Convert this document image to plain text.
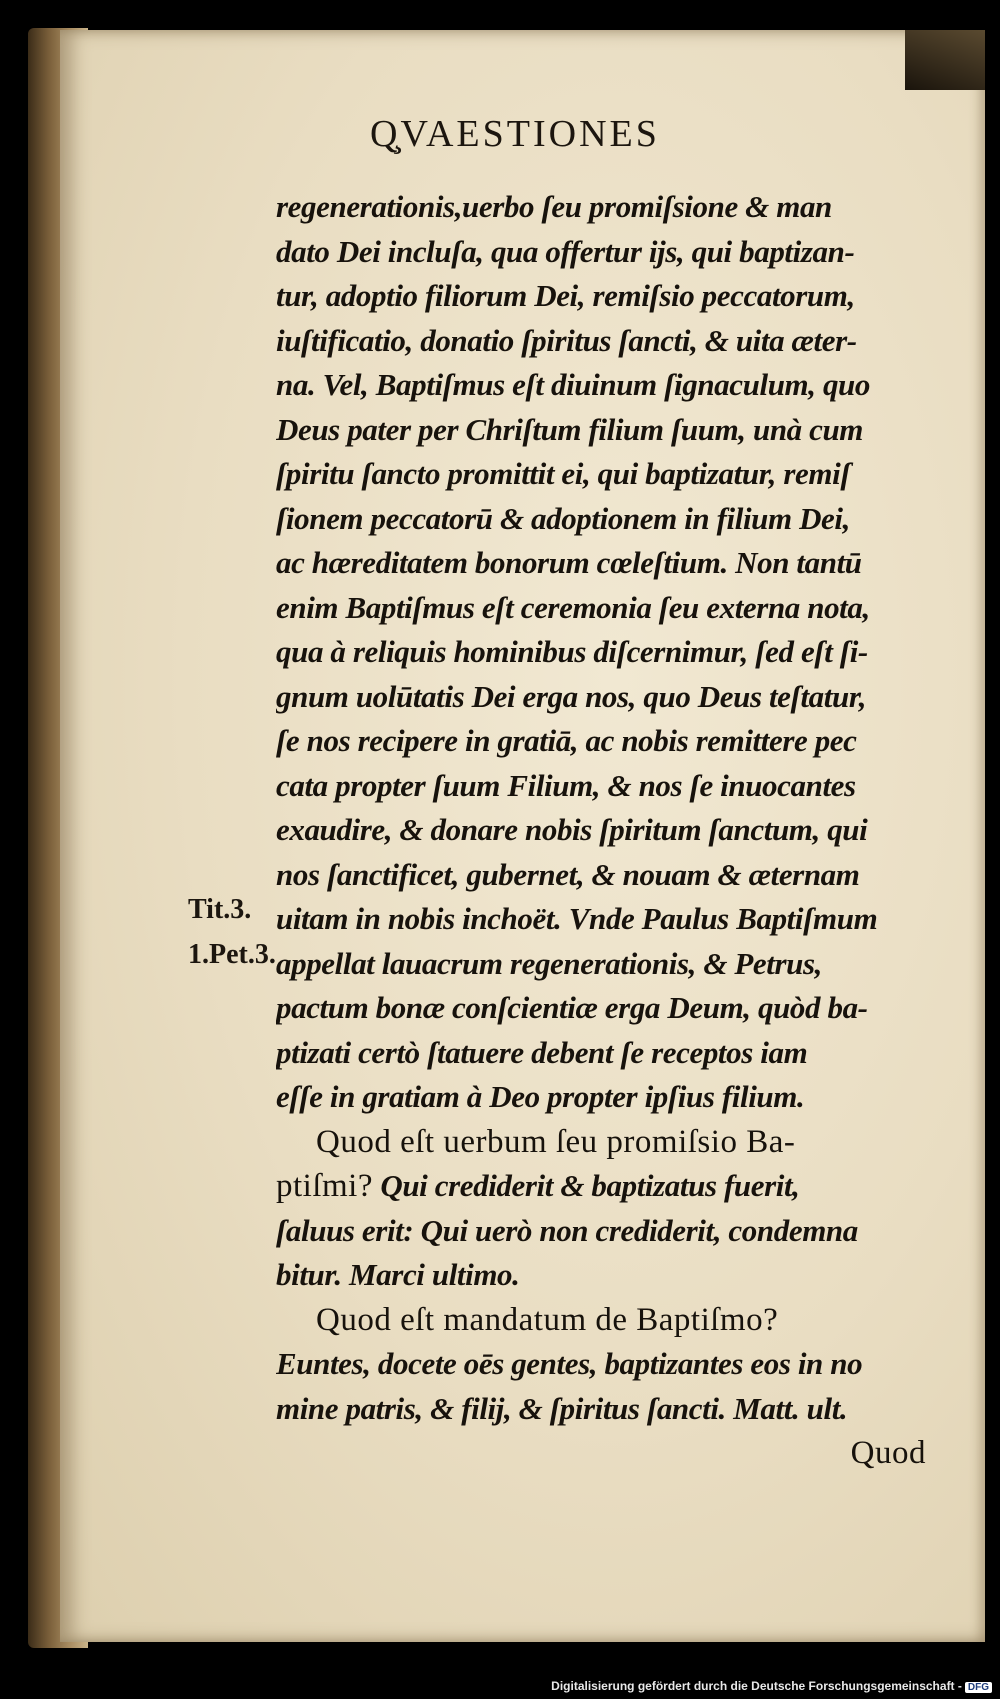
Q̧VAESTIONES
regenerationis,uerbo ſeu promiſsione & man
dato Dei incluſa, qua offertur ijs, qui baptizan-
tur, adoptio filiorum Dei, remiſsio peccatorum,
iuſtificatio, donatio ſpiritus ſancti, & uita æter-
na. Vel, Baptiſmus eſt diuinum ſignaculum, quo
Deus pater per Chriſtum filium ſuum, unà cum
ſpiritu ſancto promittit ei, qui baptizatur, remiſ
ſionem peccatorū & adoptionem in filium Dei,
ac hæreditatem bonorum cœleſtium. Non tantū
enim Baptiſmus eſt ceremonia ſeu externa nota,
qua à reliquis hominibus diſcernimur, ſed eſt ſi-
gnum uolūtatis Dei erga nos, quo Deus teſtatur,
ſe nos recipere in gratiā, ac nobis remittere pec
cata propter ſuum Filium, & nos ſe inuocantes
exaudire, & donare nobis ſpiritum ſanctum, qui
nos ſanctificet, gubernet, & nouam & æternam
uitam in nobis inchoët. Vnde Paulus Baptiſmum
appellat lauacrum regenerationis, & Petrus,
pactum bonæ conſcientiæ erga Deum, quòd ba-
ptizati certò ſtatuere debent ſe receptos iam
eſſe in gratiam à Deo propter ipſius filium.
Quod eſt uerbum ſeu promiſsio Ba-
ptiſmi? Qui crediderit & baptizatus fuerit,
ſaluus erit: Qui uerò non crediderit, condemna
bitur. Marci ultimo.
Quod eſt mandatum de Baptiſmo?
Euntes, docete oēs gentes, baptizantes eos in no
mine patris, & filij, & ſpiritus ſancti. Matt. ult.
Quod
Tit.3.
1.Pet.3.
Digitalisierung gefördert durch die Deutsche Forschungsgemeinschaft - DFG
